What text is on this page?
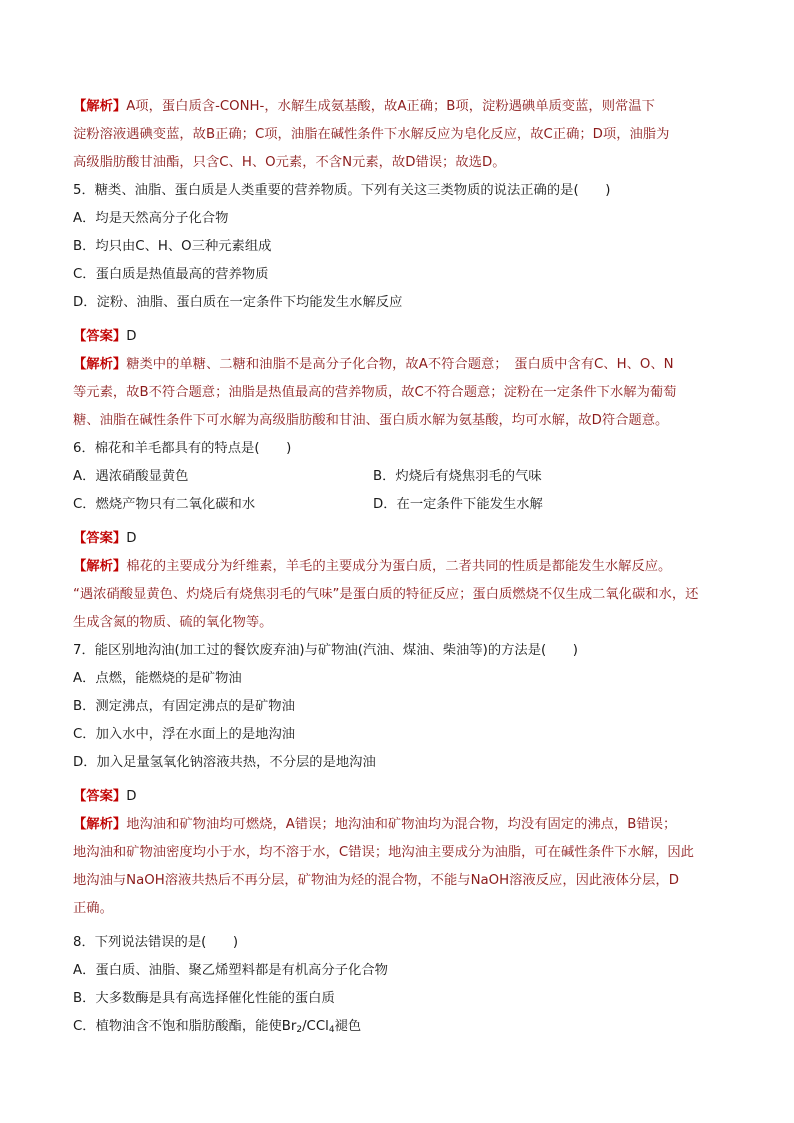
【解析】A项，蛋白质含-CONH-，水解生成氨基酸，故A正确；B项，淀粉遇碘单质变蓝，则常温下
淀粉溶液遇碘变蓝，故B正确；C项，油脂在碱性条件下水解反应为皂化反应，故C正确；D项，油脂为
高级脂肪酸甘油酯，只含C、H、O元素，不含N元素，故D错误；故选D。
5．糖类、油脂、蛋白质是人类重要的营养物质。下列有关这三类物质的说法正确的是(　　)
A．均是天然高分子化合物
B．均只由C、H、O三种元素组成
C．蛋白质是热值最高的营养物质
D．淀粉、油脂、蛋白质在一定条件下均能发生水解反应
【答案】D
【解析】糖类中的单糖、二糖和油脂不是高分子化合物，故A不符合题意；　蛋白质中含有C、H、O、N
等元素，故B不符合题意；油脂是热值最高的营养物质，故C不符合题意；淀粉在一定条件下水解为葡萄
糖、油脂在碱性条件下可水解为高级脂肪酸和甘油、蛋白质水解为氨基酸，均可水解，故D符合题意。
6．棉花和羊毛都具有的特点是(　　)
A．遇浓硝酸显黄色	B．灼烧后有烧焦羽毛的气味
C．燃烧产物只有二氧化碳和水	D．在一定条件下能发生水解
【答案】D
【解析】棉花的主要成分为纤维素，羊毛的主要成分为蛋白质，二者共同的性质是都能发生水解反应。
“遇浓硝酸显黄色、灼烧后有烧焦羽毛的气味”是蛋白质的特征反应；蛋白质燃烧不仅生成二氧化碳和水，还
生成含氮的物质、硫的氧化物等。
7．能区别地沟油(加工过的餐饮废弃油)与矿物油(汽油、煤油、柴油等)的方法是(　　)
A．点燃，能燃烧的是矿物油
B．测定沸点，有固定沸点的是矿物油
C．加入水中，浮在水面上的是地沟油
D．加入足量氢氧化钠溶液共热，不分层的是地沟油
【答案】D
【解析】地沟油和矿物油均可燃烧，A错误；地沟油和矿物油均为混合物，均没有固定的沸点，B错误；
地沟油和矿物油密度均小于水，均不溶于水，C错误；地沟油主要成分为油脂，可在碱性条件下水解，因此
地沟油与NaOH溶液共热后不再分层，矿物油为烃的混合物，不能与NaOH溶液反应，因此液体分层，D
正确。
8．下列说法错误的是(　　)
A．蛋白质、油脂、聚乙烯塑料都是有机高分子化合物
B．大多数酶是具有高选择催化性能的蛋白质
C．植物油含不饱和脂肪酸酯，能使$Br_2/CCl_4$褪色
